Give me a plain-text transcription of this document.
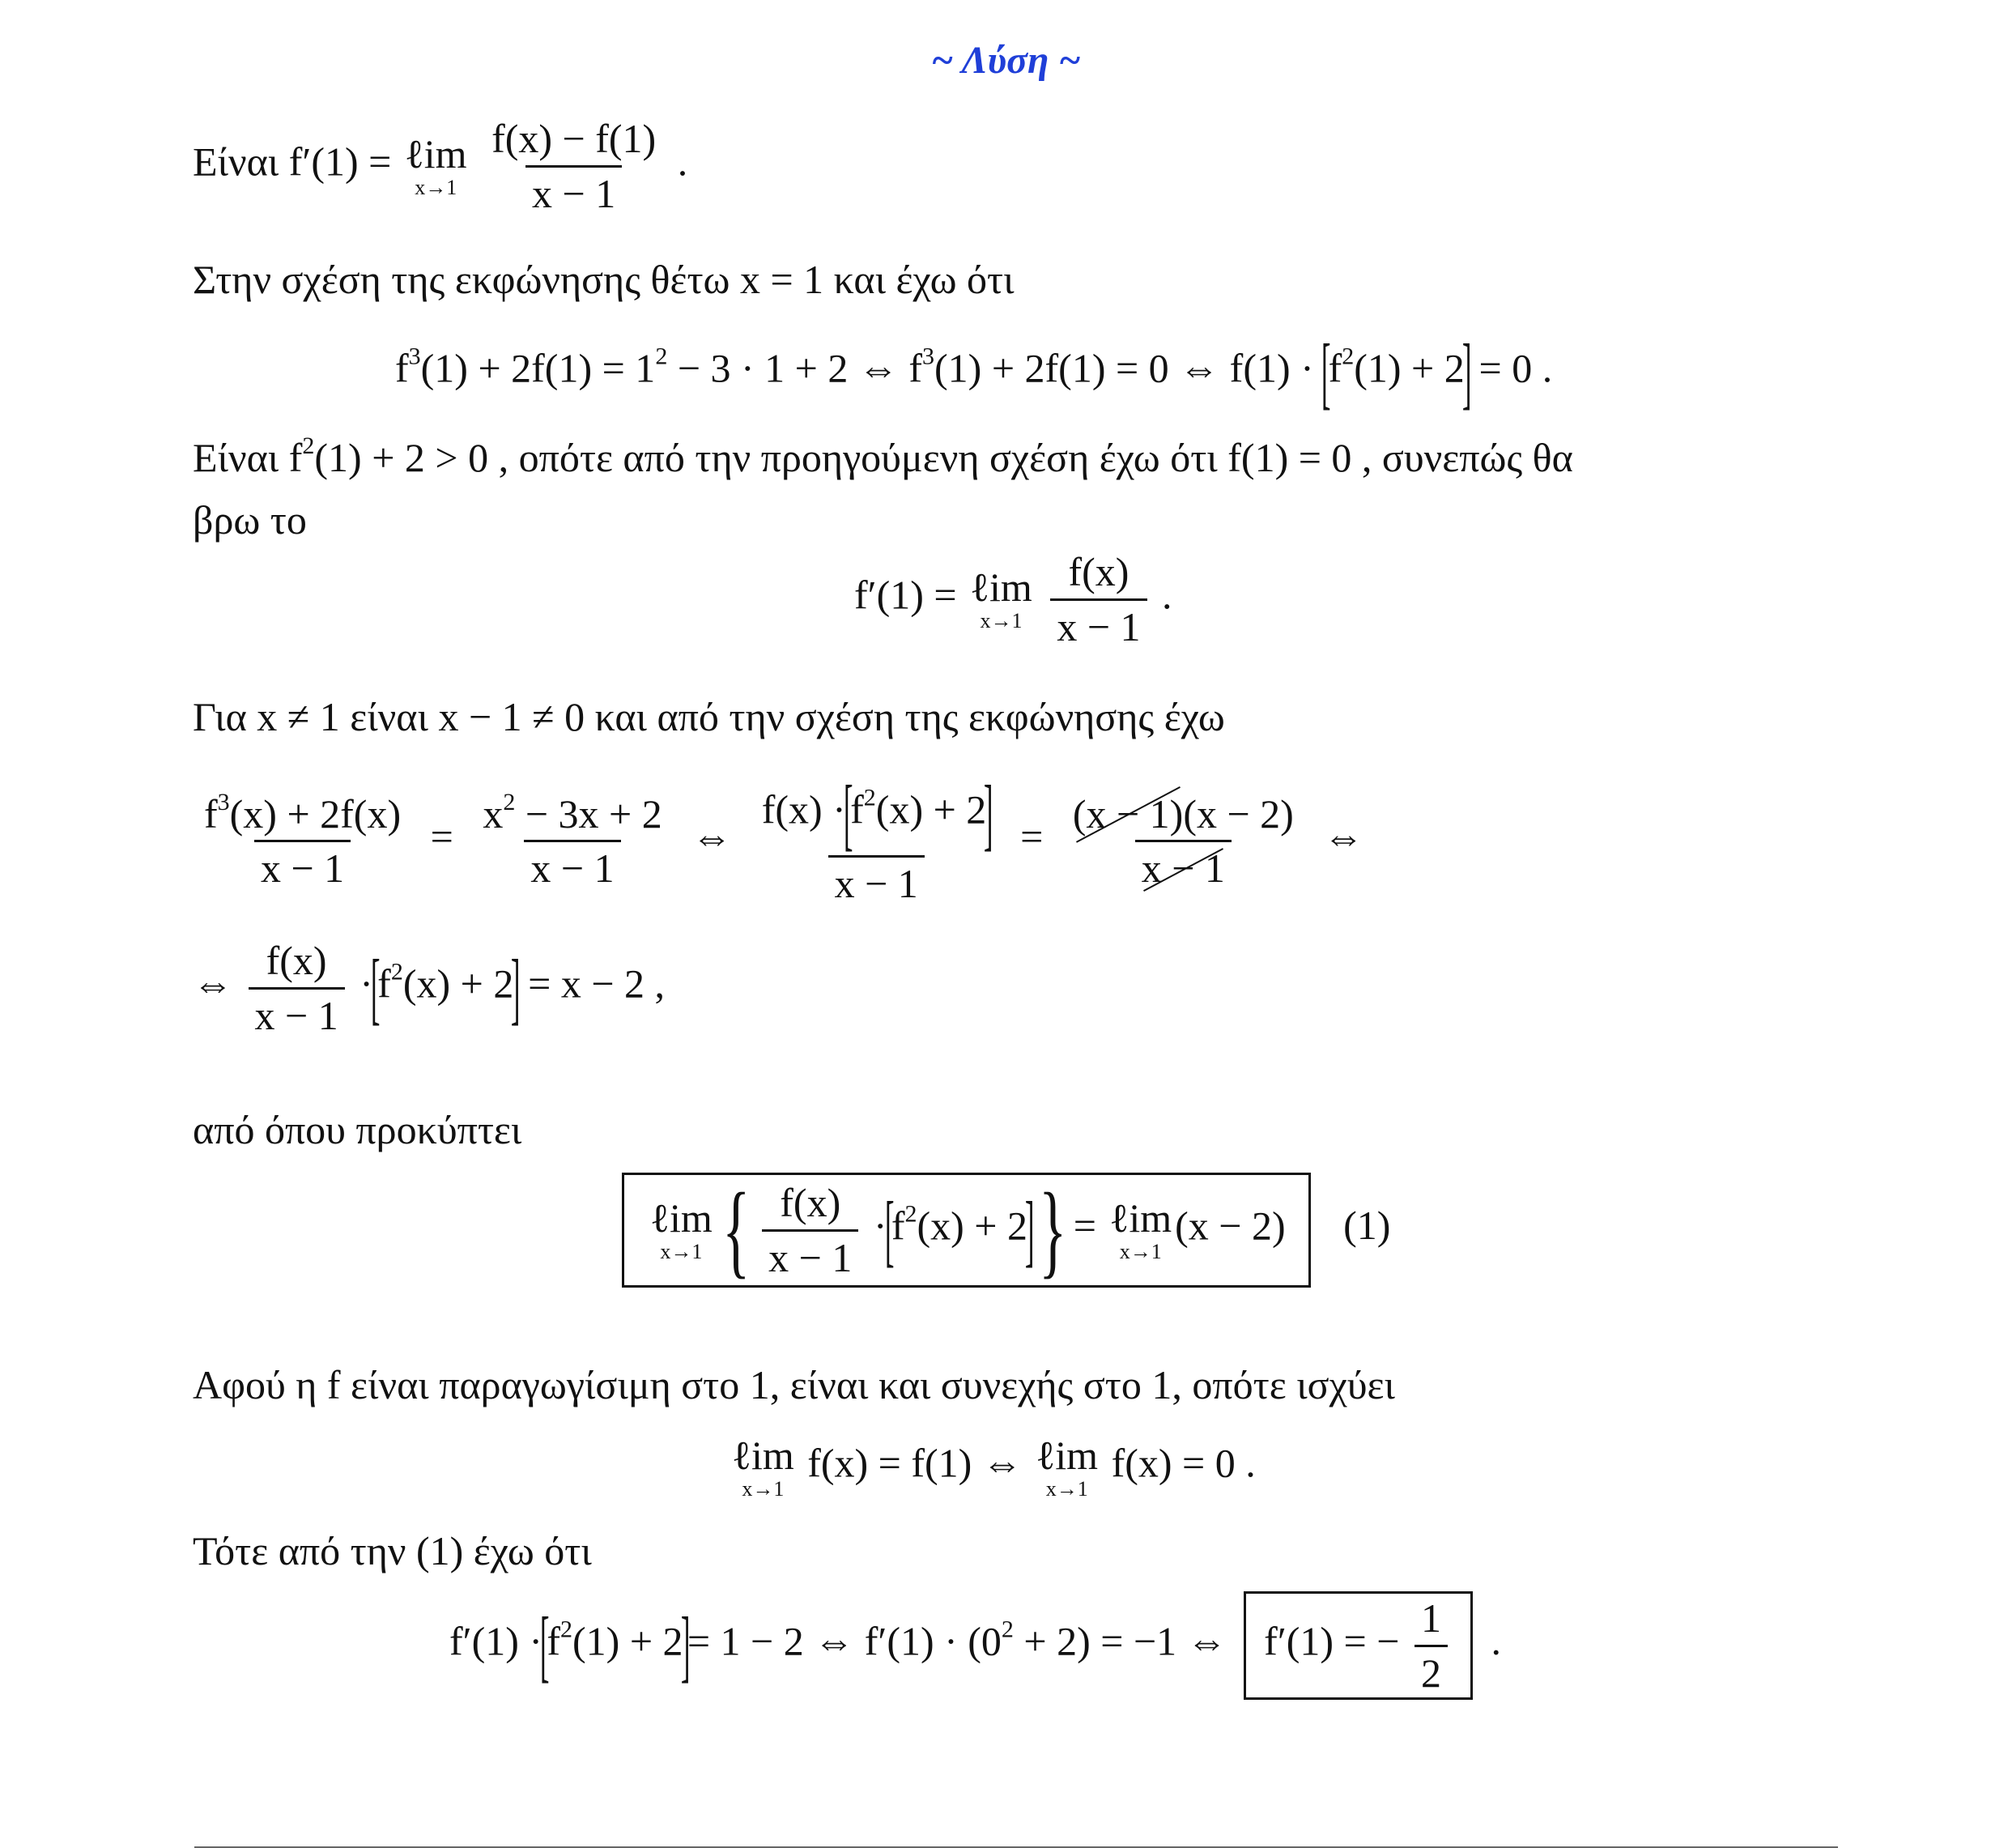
~ Λύση ~
Είναι f′(1) = ℓim
x→1
$\frac{f(x) - f(1)}{x - 1}$ .
Στην σχέση της εκφώνησης θέτω x = 1 και έχω ότι
$f^3(1) + 2f(1) = 1^2 - 3 \cdot 1 + 2$ ⇔ $f^3(1) + 2f(1) = 0$ ⇔ $f(1) \cdot [f^2(1) + 2] = 0$ .
Είναι $f^2(1) + 2 > 0$ , οπότε από την προηγούμενη σχέση έχω ότι f(1) = 0 , συνεπώς θα
βρω το
f′(1) = ℓim
x→1
$\frac{f(x)}{x - 1}$ .
Για x ≠ 1 είναι x − 1 ≠ 0 και από την σχέση της εκφώνησης έχω
$\frac{f^3(x) + 2f(x)}{x - 1} = \frac{x^2 - 3x + 2}{x - 1}$ ⇔ $\frac{f(x) \cdot[f^2(x) + 2]}{x - 1} = \frac{(x - 1)(x - 2)}{x - 1}$ ⇔
⇔ $\frac{f(x)}{x - 1} \cdot[f^2(x) + 2] = x - 2$ ,
από όπου προκύπτει
ℓim
x→1 { $\frac{f(x)}{x - 1} \cdot[f^2(x) + 2]$ } = ℓim
x→1
(x − 2) (1)
Αφού η f είναι παραγωγίσιμη στο 1, είναι και συνεχής στο 1, οπότε ισχύει
ℓim
x→1
f(x) = f(1) ⇔ ℓim
x→1
f(x) = 0 .
Τότε από την (1) έχω ότι
$f'(1) \cdot[f^2(1) + 2]= 1 - 2$ ⇔ $f'(1) \cdot (0^2 + 2) = -1$ ⇔ f′(1) = − $\frac{1}{2}$ .
